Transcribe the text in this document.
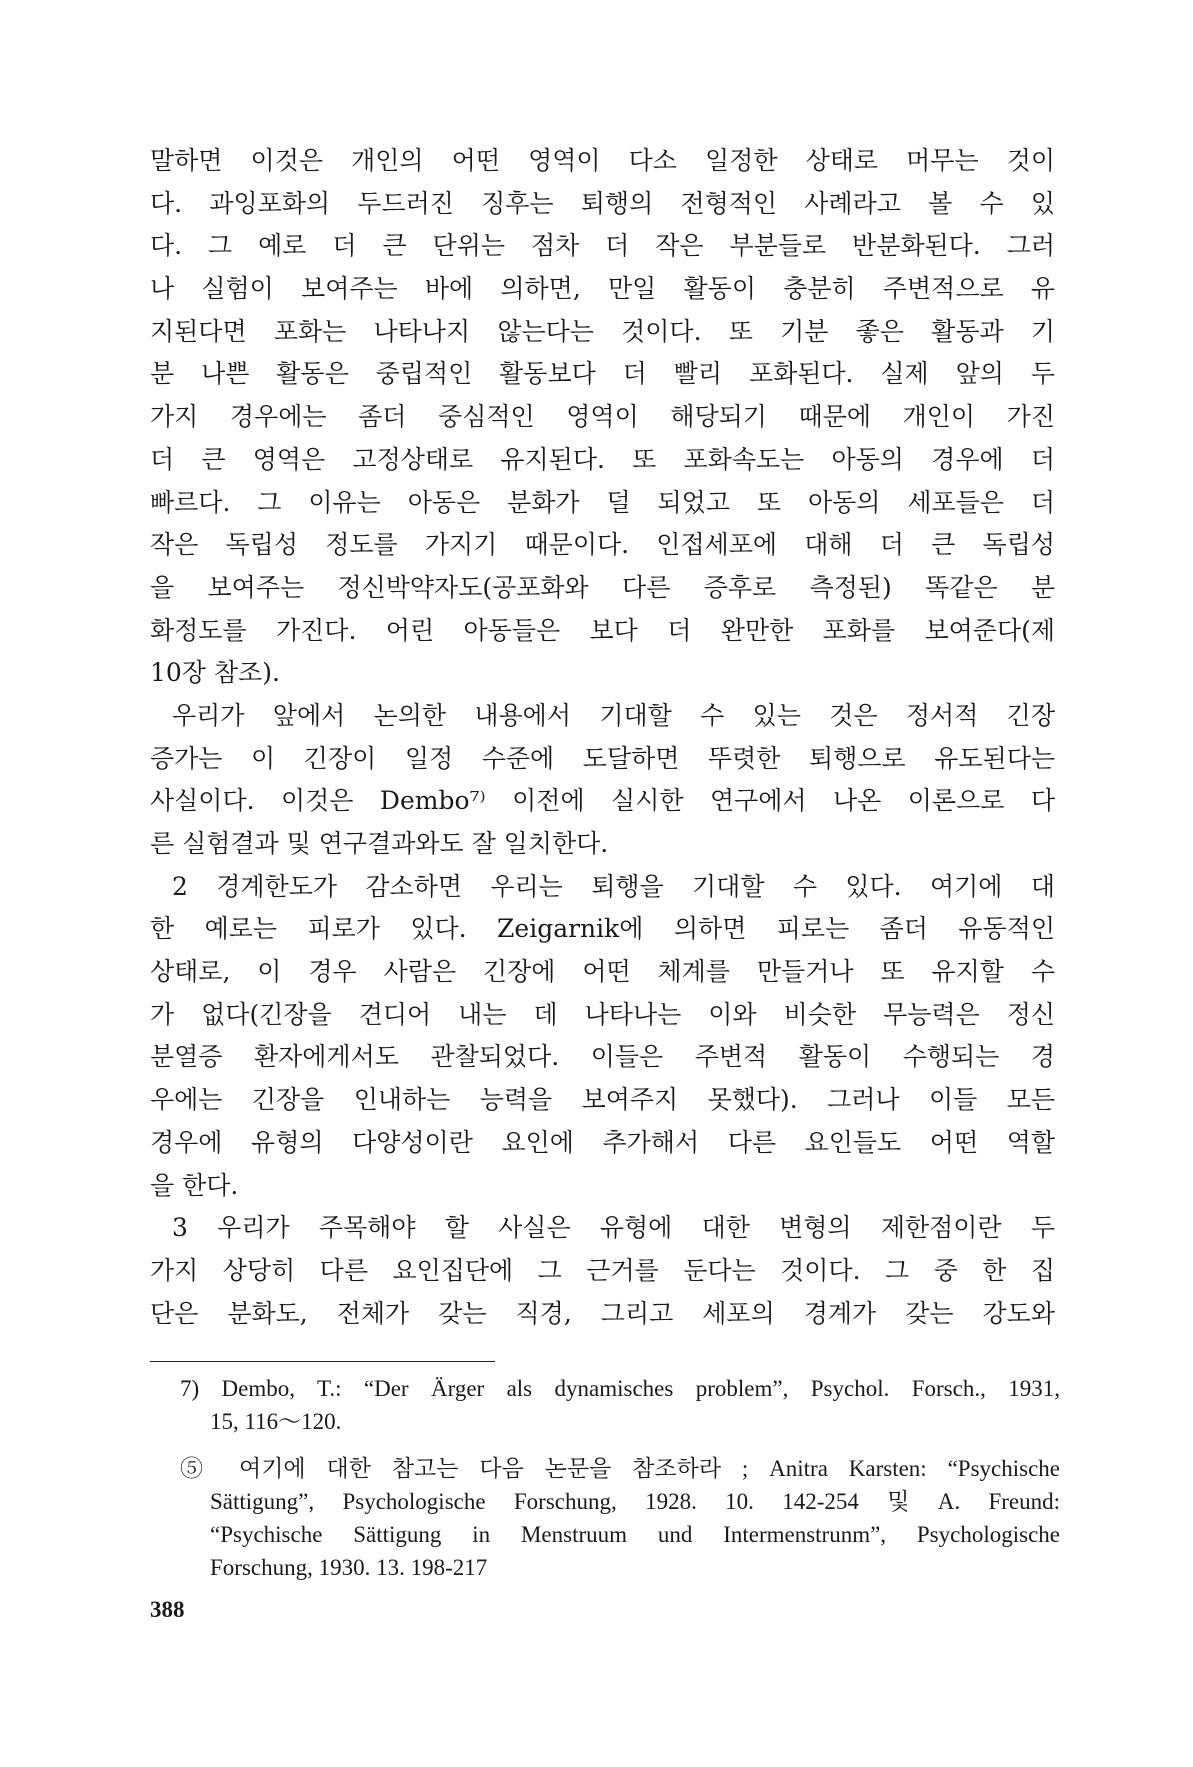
말하면 이것은 개인의 어떤 영역이 다소 일정한 상태로 머무는 것이
다. 과잉포화의 두드러진 징후는 퇴행의 전형적인 사례라고 볼 수 있
다. 그 예로 더 큰 단위는 점차 더 작은 부분들로 반분화된다. 그러
나 실험이 보여주는 바에 의하면, 만일 활동이 충분히 주변적으로 유
지된다면 포화는 나타나지 않는다는 것이다. 또 기분 좋은 활동과 기
분 나쁜 활동은 중립적인 활동보다 더 빨리 포화된다. 실제 앞의 두
가지 경우에는 좀더 중심적인 영역이 해당되기 때문에 개인이 가진
더 큰 영역은 고정상태로 유지된다. 또 포화속도는 아동의 경우에 더
빠르다. 그 이유는 아동은 분화가 덜 되었고 또 아동의 세포들은 더
작은 독립성 정도를 가지기 때문이다. 인접세포에 대해 더 큰 독립성
을 보여주는 정신박약자도(공포화와 다른 증후로 측정된) 똑같은 분
화정도를 가진다. 어린 아동들은 보다 더 완만한 포화를 보여준다(제
10장 참조).
우리가 앞에서 논의한 내용에서 기대할 수 있는 것은 정서적 긴장
증가는 이 긴장이 일정 수준에 도달하면 뚜렷한 퇴행으로 유도된다는
사실이다. 이것은 Dembo⁷⁾ 이전에 실시한 연구에서 나온 이론으로 다
른 실험결과 및 연구결과와도 잘 일치한다.
2 경계한도가 감소하면 우리는 퇴행을 기대할 수 있다. 여기에 대
한 예로는 피로가 있다. Zeigarnik에 의하면 피로는 좀더 유동적인
상태로, 이 경우 사람은 긴장에 어떤 체계를 만들거나 또 유지할 수
가 없다(긴장을 견디어 내는 데 나타나는 이와 비슷한 무능력은 정신
분열증 환자에게서도 관찰되었다. 이들은 주변적 활동이 수행되는 경
우에는 긴장을 인내하는 능력을 보여주지 못했다). 그러나 이들 모든
경우에 유형의 다양성이란 요인에 추가해서 다른 요인들도 어떤 역할
을 한다.
3 우리가 주목해야 할 사실은 유형에 대한 변형의 제한점이란 두
가지 상당히 다른 요인집단에 그 근거를 둔다는 것이다. 그 중 한 집
단은 분화도, 전체가 갖는 직경, 그리고 세포의 경계가 갖는 강도와
7) Dembo, T.: “Der Ärger als dynamisches problem”, Psychol. Forsch., 1931,
15, 116～120.
⑤ 여기에 대한 참고는 다음 논문을 참조하라 ; Anitra Karsten: “Psychische
Sättigung”, Psychologische Forschung, 1928. 10. 142-254 및 A. Freund:
“Psychische Sättigung in Menstruum und Intermenstrunm”, Psychologische
Forschung, 1930. 13. 198-217
388
